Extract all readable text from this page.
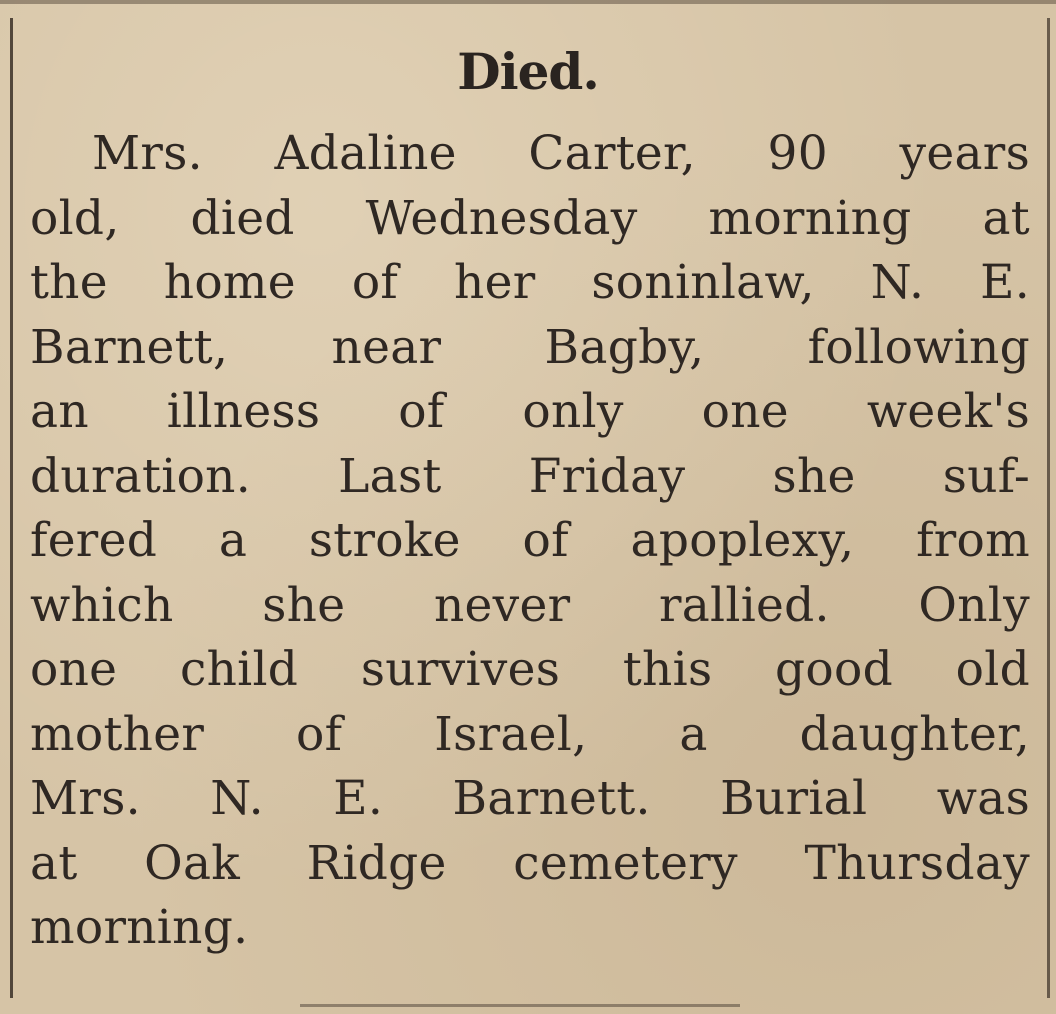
Died.
Mrs. Adaline Carter, 90 years
old, died Wednesday morning at
the home of her soninlaw, N. E.
Barnett, near Bagby, following
an illness of only one week's
duration. Last Friday she suf-
fered a stroke of apoplexy, from
which she never rallied. Only
one child survives this good old
mother of Israel, a daughter,
Mrs. N. E. Barnett. Burial was
at Oak Ridge cemetery Thursday
morning.
